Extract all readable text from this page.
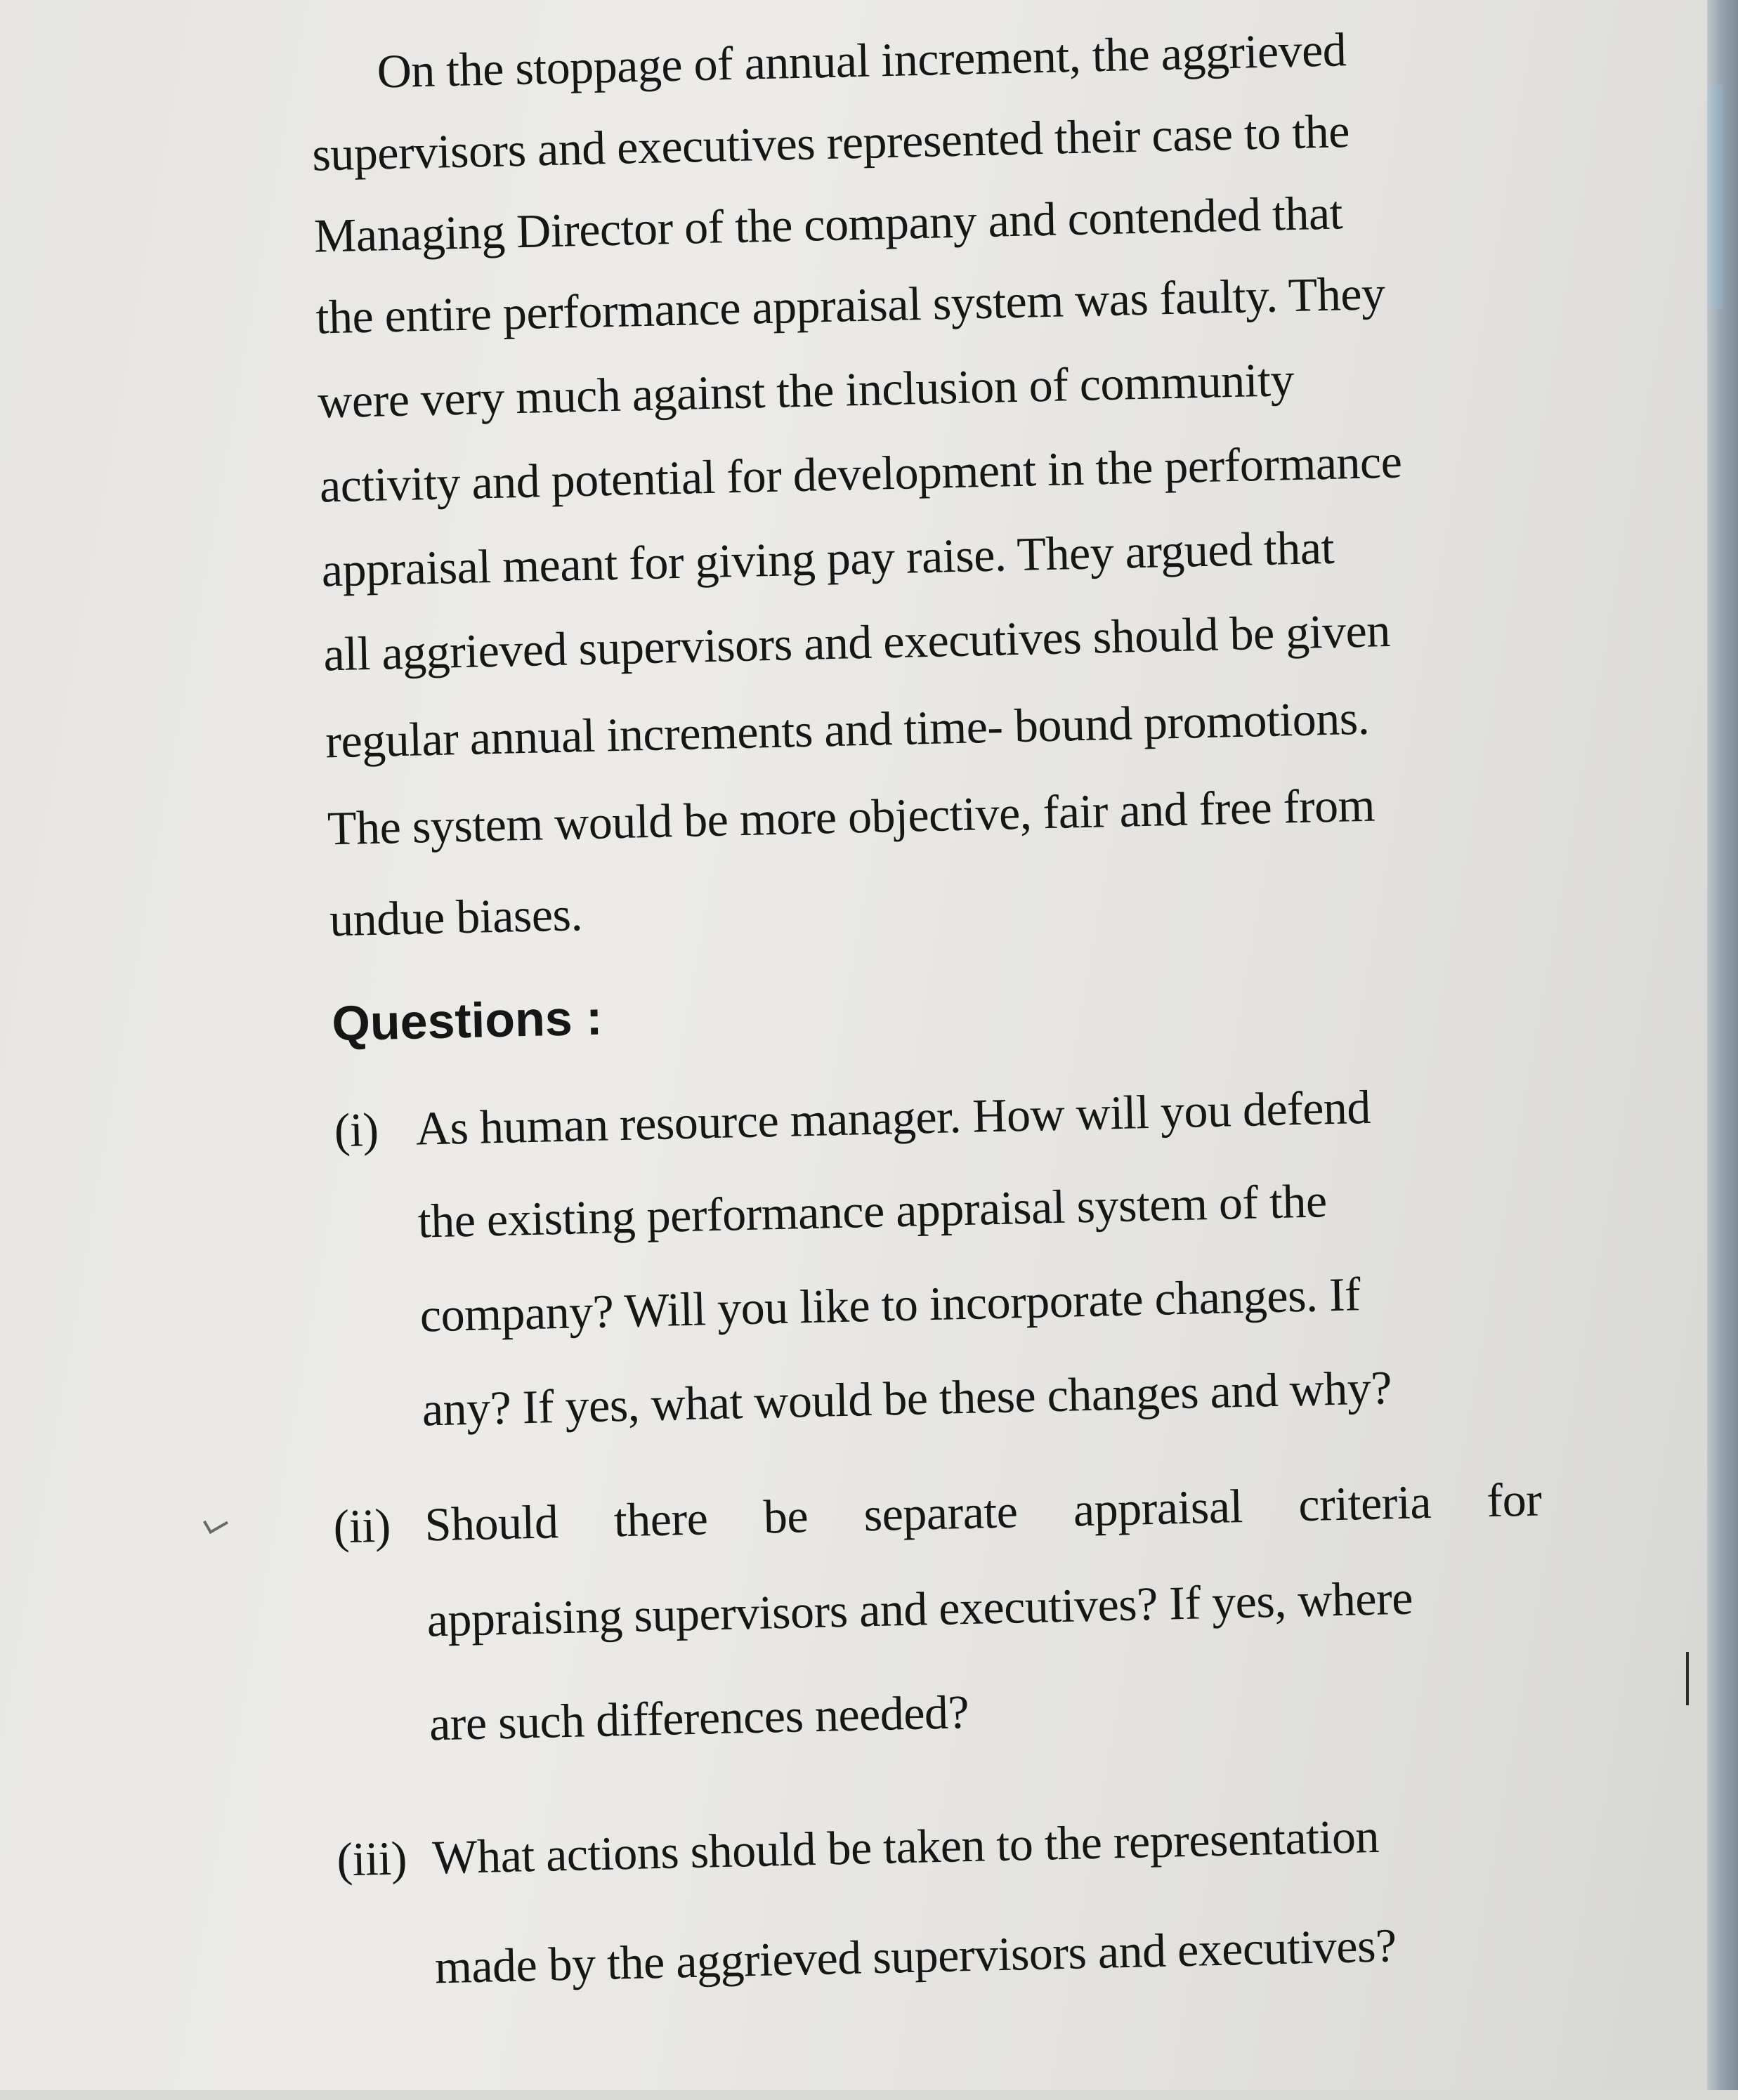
On the stoppage of annual increment, the aggrieved
supervisors and executives represented their case to the
Managing Director of the company and contended that
the entire performance appraisal system was faulty. They
were very much against the inclusion of community
activity and potential for development in the performance
appraisal meant for giving pay raise. They argued that
all aggrieved supervisors and executives should be given
regular annual increments and time- bound promotions.
The system would be more objective, fair and free from
undue biases.
Questions :
(i) As human resource manager. How will you defend
the existing performance appraisal system of the
company? Will you like to incorporate changes. If
any? If yes, what would be these changes and why?
(ii) Should there be separate appraisal criteria for
appraising supervisors and executives? If yes, where
are such differences needed?
(iii) What actions should be taken to the representation
made by the aggrieved supervisors and executives?
